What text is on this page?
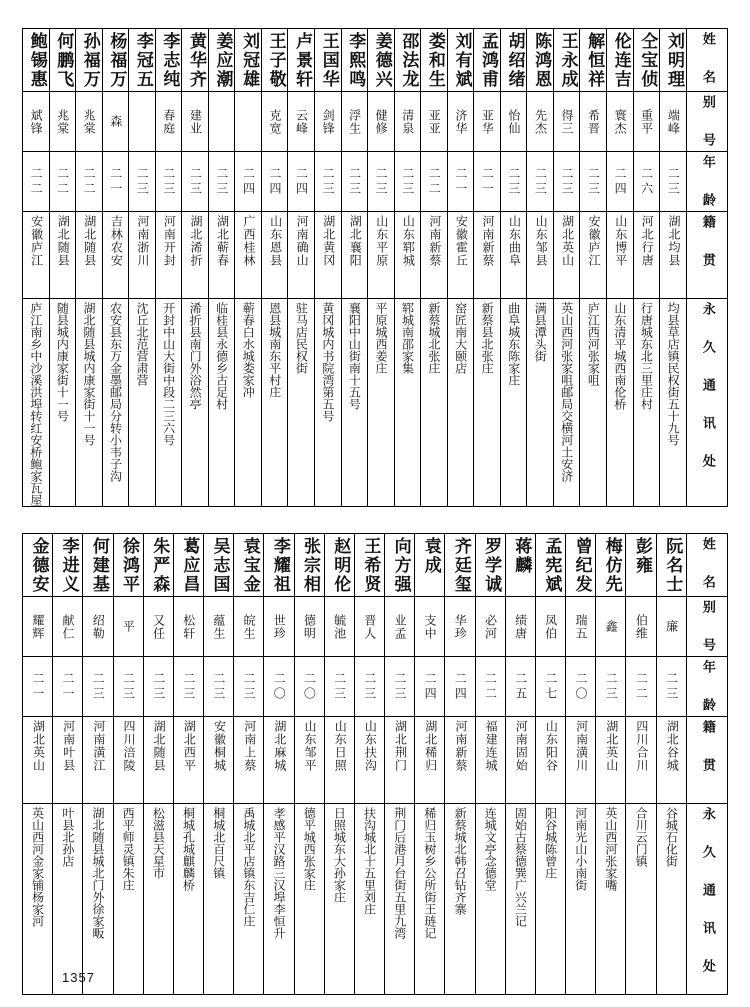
鲍锡惠	何鹏飞	孙福万	杨福万	李冠五	李志纯	黄华齐	姜应潮	刘冠雄	王子敬	卢景轩	王国华	李熙鸣	姜德兴	邵法龙	娄和生	刘有斌	孟鸿甫	胡绍绪	陈鸿恩	王永成	解恒祥	伦连吉	仝宝侦	刘明理	姓 名

斌锋	兆棠	兆棠	森		春庭	建业			克宽	云峰	剑锋	浮生	健修	清泉	亚亚	济华	亚华	怡仙	先杰	得三	希晋	寰杰	重平	端峰	别 号

二二	二二	二二	二一	二三	二三	二三	二三	二四	二四	二四	二三	二三	二三	二三	二二	二一	二一	二三	二三	二三	二三	二四	二六	二三	年 龄

安徽庐江	湖北随县	湖北随县	吉林农安	河南浙川	河南开封	湖北浠折	湖北蕲春	广西桂林	山东恩县	河南确山	湖北黄冈	湖北襄阳	山东平原	山东郓城	河南新蔡	安徽霍丘	河南新蔡	山东曲阜	山东邹县	湖北英山	安徽庐江	山东博平	河北行唐	湖北均县	籍 贯

庐江南乡中沙溪洪埠转红安桥鲍家瓦屋	随县城内康家街十一号	湖北随县城内康家街十一号	农安县东万金墨邮局分转小韦子沟	沈丘北范营肃营	开封中山大街中段二三六号	浠折县南门外浴然亭	临桂县永德乡古足村	蕲春白水城娄家冲	恩县城南东平村庄	驻马店民权街	黄冈城内书院湾第五号	襄阳中山街南十五号	平原城西姜庄	郓城南邵家集	新蔡城北张庄	窑匠南大颐店	新蔡县北张庄	曲阜城东陈家庄	满县潭头街	英山西河张家咀邮局交横河土安济	庐江西河张家咀	山东清平城西南伦桥	行唐城东北三里庄村	均县草店镇民权街五十九号	永 久 通 讯 处
金德安	李进义	何建基	徐鸿平	朱严森	葛应昌	吴志国	袁宝金	李耀祖	张宗相	赵明伦	王希贤	向方强	袁成	齐廷玺	罗学诚	蒋麟	孟宪斌	曾纪发	梅仿先	彭雍	阮名士	姓 名

耀辉	献仁	绍勒	平	又任	松轩	蕴生	皖生	世珍	德明	毓池	晋人	业孟	支中	华珍	必河	绩唐	凤伯	瑞五	鑫	伯维	廉	别 号

二一	二一	二三	二三	二三	二三	二三	二三	二〇	二〇	二三	二三	二三	二四	二四	二二	二五	二七	二〇	二三	二二	二三	年 龄

湖北英山	河南叶县	河南潢江	四川涪陵	湖北随县	湖北西平	安徽桐城	河南上蔡	湖北麻城	山东邹平	山东日照	山东扶沟	湖北荆门	湖北稀归	河南新蔡	福建连城	河南固始	山东阳谷	河南潢川	湖北英山	四川合川	湖北谷城	籍 贯

英山西河金家铺杨家河	叶县北孙店	湖北随县城北门外徐家畈	西平师灵镇朱庄	松滋县天星市	桐城孔城麒麟桥	桐城北百尺镇	禹城北平店镇东吉仁庄	孝感平汉路三汉埠李恒升	德平城西张家庄	日照城东大孙家庄	扶沟城北十五里刘庄	荆门后港月台街五里九湾	稀归玉树乡公所街王琏记	新蔡城北韩召钻齐寨	连城文亭念德堂	固始古蔡德巽广兴兰记	阳谷城陈曾庄	河南光山小南街	英山西河张家嘴	合川云门镇	谷城石化街	永 久 通 讯 处
1357
